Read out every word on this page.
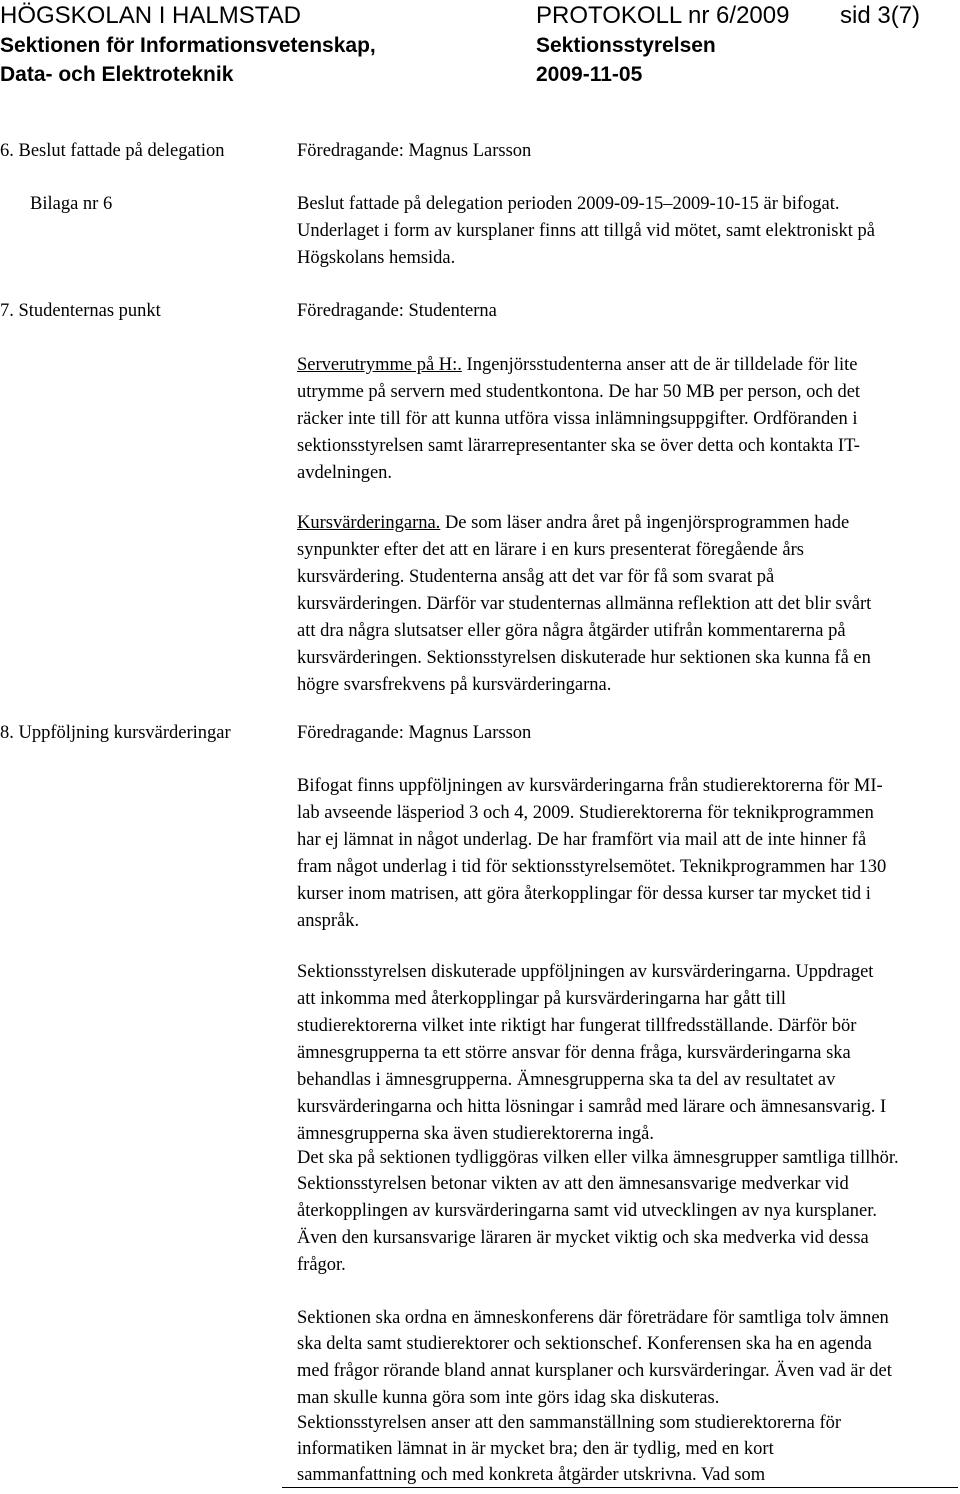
HÖGSKOLAN I HALMSTAD	PROTOKOLL nr 6/2009 sid 3(7)
Sektionen för Informationsvetenskap,	Sektionsstyrelsen
Data- och Elektroteknik	2009-11-05
6. Beslut fattade på delegation	Föredragande: Magnus Larsson
Bilaga nr 6	Beslut fattade på delegation perioden 2009-09-15–2009-10-15 är bifogat.
Underlaget i form av kursplaner finns att tillgå vid mötet, samt elektroniskt på
Högskolans hemsida.
7. Studenternas punkt	Föredragande: Studenterna
Serverutrymme på H:. Ingenjörsstudenterna anser att de är tilldelade för lite
utrymme på servern med studentkontona. De har 50 MB per person, och det
räcker inte till för att kunna utföra vissa inlämningsuppgifter. Ordföranden i
sektionsstyrelsen samt lärarrepresentanter ska se över detta och kontakta IT-
avdelningen.
Kursvärderingarna. De som läser andra året på ingenjörsprogrammen hade
synpunkter efter det att en lärare i en kurs presenterat föregående års
kursvärdering. Studenterna ansåg att det var för få som svarat på
kursvärderingen. Därför var studenternas allmänna reflektion att det blir svårt
att dra några slutsatser eller göra några åtgärder utifrån kommentarerna på
kursvärderingen. Sektionsstyrelsen diskuterade hur sektionen ska kunna få en
högre svarsfrekvens på kursvärderingarna.
8. Uppföljning kursvärderingar	Föredragande: Magnus Larsson
Bifogat finns uppföljningen av kursvärderingarna från studierektorerna för MI-
lab avseende läsperiod 3 och 4, 2009. Studierektorerna för teknikprogrammen
har ej lämnat in något underlag. De har framfört via mail att de inte hinner få
fram något underlag i tid för sektionsstyrelsemötet. Teknikprogrammen har 130
kurser inom matrisen, att göra återkopplingar för dessa kurser tar mycket tid i
anspråk.
Sektionsstyrelsen diskuterade uppföljningen av kursvärderingarna. Uppdraget
att inkomma med återkopplingar på kursvärderingarna har gått till
studierektorerna vilket inte riktigt har fungerat tillfredsställande. Därför bör
ämnesgrupperna ta ett större ansvar för denna fråga, kursvärderingarna ska
behandlas i ämnesgrupperna. Ämnesgrupperna ska ta del av resultatet av
kursvärderingarna och hitta lösningar i samråd med lärare och ämnesansvarig. I
ämnesgrupperna ska även studierektorerna ingå.
Det ska på sektionen tydliggöras vilken eller vilka ämnesgrupper samtliga tillhör.
Sektionsstyrelsen betonar vikten av att den ämnesansvarige medverkar vid
återkopplingen av kursvärderingarna samt vid utvecklingen av nya kursplaner.
Även den kursansvarige läraren är mycket viktig och ska medverka vid dessa
frågor.
Sektionen ska ordna en ämneskonferens där företrädare för samtliga tolv ämnen
ska delta samt studierektorer och sektionschef. Konferensen ska ha en agenda
med frågor rörande bland annat kursplaner och kursvärderingar. Även vad är det
man skulle kunna göra som inte görs idag ska diskuteras.
Sektionsstyrelsen anser att den sammanställning som studierektorerna för
informatiken lämnat in är mycket bra; den är tydlig, med en kort
sammanfattning och med konkreta åtgärder utskrivna. Vad som
